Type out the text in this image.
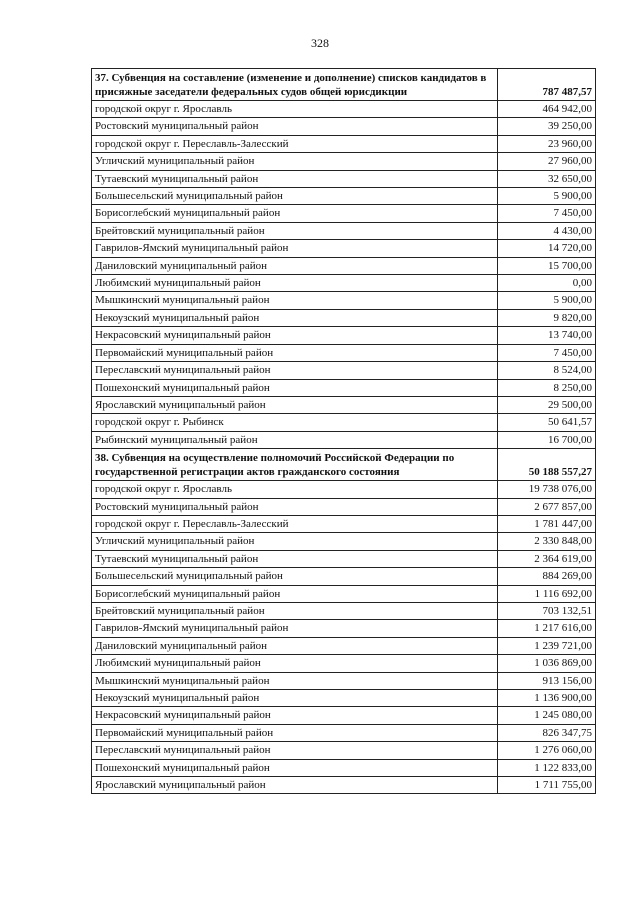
328
37. Субвенция на составление (изменение и дополнение) списков кандидатов в присяжные заседатели федеральных судов общей юрисдикции	787 487,57
городской округ г. Ярославль	464 942,00
Ростовский муниципальный район	39 250,00
городской округ г. Переславль-Залесский	23 960,00
Угличский муниципальный район	27 960,00
Тутаевский муниципальный район	32 650,00
Большесельский муниципальный район	5 900,00
Борисоглебский муниципальный район	7 450,00
Брейтовский муниципальный район	4 430,00
Гаврилов-Ямский муниципальный район	14 720,00
Даниловский муниципальный район	15 700,00
Любимский муниципальный район	0,00
Мышкинский муниципальный район	5 900,00
Некоузский муниципальный район	9 820,00
Некрасовский муниципальный район	13 740,00
Первомайский муниципальный район	7 450,00
Переславский муниципальный район	8 524,00
Пошехонский муниципальный район	8 250,00
Ярославский муниципальный район	29 500,00
городской округ г. Рыбинск	50 641,57
Рыбинский муниципальный район	16 700,00
38. Субвенция на осуществление полномочий Российской Федерации по государственной регистрации актов гражданского состояния	50 188 557,27
городской округ г. Ярославль	19 738 076,00
Ростовский муниципальный район	2 677 857,00
городской округ г. Переславль-Залесский	1 781 447,00
Угличский муниципальный район	2 330 848,00
Тутаевский муниципальный район	2 364 619,00
Большесельский муниципальный район	884 269,00
Борисоглебский муниципальный район	1 116 692,00
Брейтовский муниципальный район	703 132,51
Гаврилов-Ямский муниципальный район	1 217 616,00
Даниловский муниципальный район	1 239 721,00
Любимский муниципальный район	1 036 869,00
Мышкинский муниципальный район	913 156,00
Некоузский муниципальный район	1 136 900,00
Некрасовский муниципальный район	1 245 080,00
Первомайский муниципальный район	826 347,75
Переславский муниципальный район	1 276 060,00
Пошехонский муниципальный район	1 122 833,00
Ярославский муниципальный район	1 711 755,00
